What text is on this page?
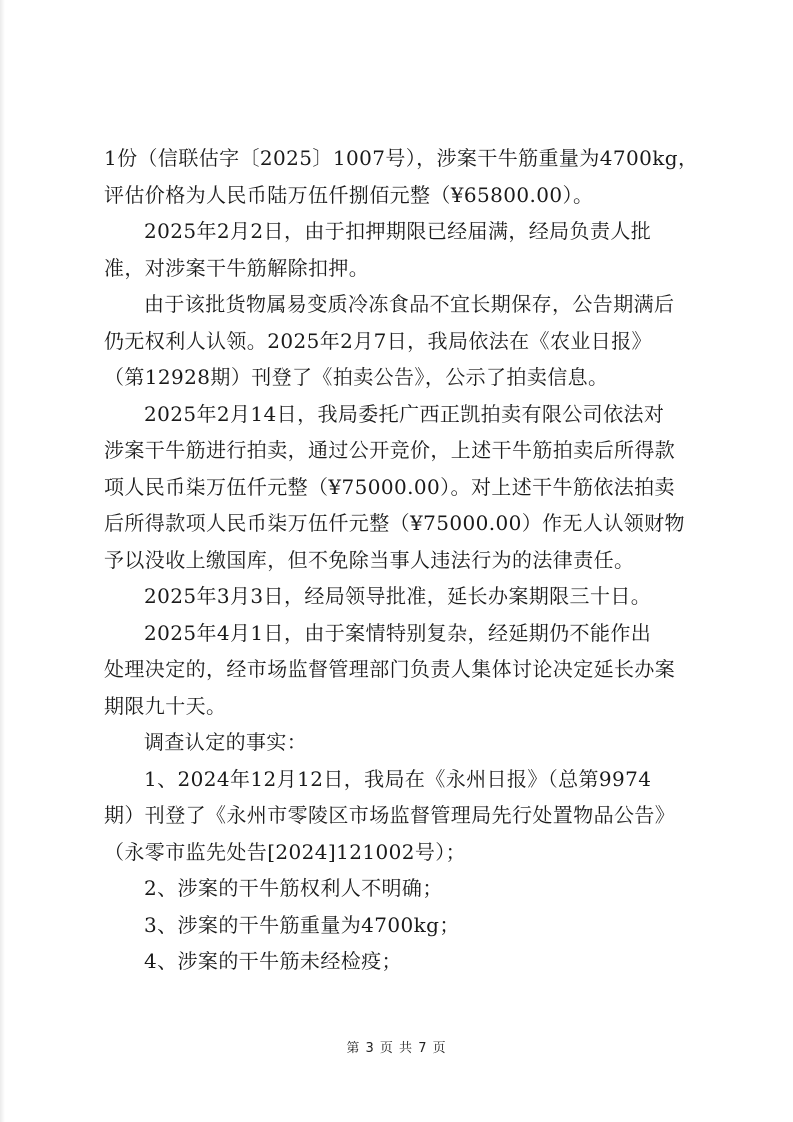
1份（信联估字〔2025〕1007号），涉案干牛筋重量为4700kg，
评估价格为人民币陆万伍仟捌佰元整（¥65800.00）。
2025年2月2日，由于扣押期限已经届满，经局负责人批
准，对涉案干牛筋解除扣押。
由于该批货物属易变质冷冻食品不宜长期保存，公告期满后
仍无权利人认领。2025年2月7日，我局依法在《农业日报》
（第12928期）刊登了《拍卖公告》，公示了拍卖信息。
2025年2月14日，我局委托广西正凯拍卖有限公司依法对
涉案干牛筋进行拍卖，通过公开竞价，上述干牛筋拍卖后所得款
项人民币柒万伍仟元整（¥75000.00）。对上述干牛筋依法拍卖
后所得款项人民币柒万伍仟元整（¥75000.00）作无人认领财物
予以没收上缴国库，但不免除当事人违法行为的法律责任。
2025年3月3日，经局领导批准，延长办案期限三十日。
2025年4月1日，由于案情特别复杂，经延期仍不能作出
处理决定的，经市场监督管理部门负责人集体讨论决定延长办案
期限九十天。
调查认定的事实：
1、2024年12月12日，我局在《永州日报》（总第9974
期）刊登了《永州市零陵区市场监督管理局先行处置物品公告》
（永零市监先处告[2024]121002号）；
2、涉案的干牛筋权利人不明确；
3、涉案的干牛筋重量为4700kg；
4、涉案的干牛筋未经检疫；
第 3 页 共 7 页
